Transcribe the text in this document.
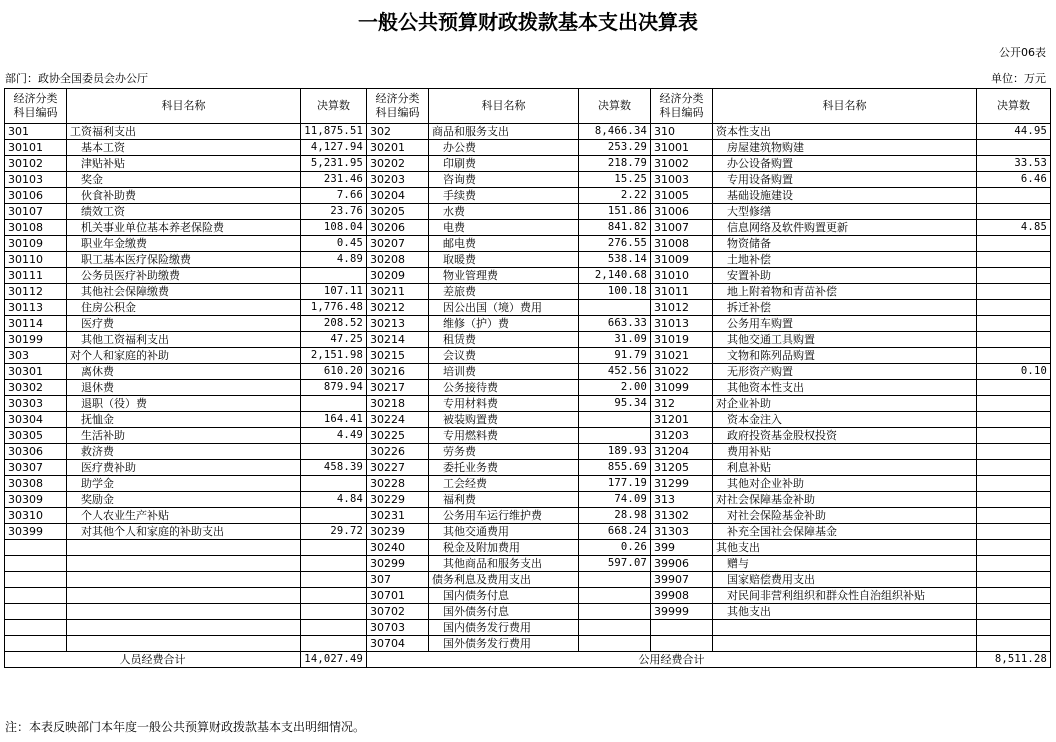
一般公共预算财政拨款基本支出决算表
公开06表
部门：政协全国委员会办公厅	单位：万元
经济分类
科目编码	科目名称	决算数	经济分类
科目编码	科目名称	决算数	经济分类
科目编码	科目名称	决算数
301	工资福利支出	11,875.51	302	商品和服务支出	8,466.34	310	资本性支出	44.95
30101	基本工资	4,127.94	30201	办公费	253.29	31001	房屋建筑物购建	
30102	津贴补贴	5,231.95	30202	印刷费	218.79	31002	办公设备购置	33.53
30103	奖金	231.46	30203	咨询费	15.25	31003	专用设备购置	6.46
30106	伙食补助费	7.66	30204	手续费	2.22	31005	基础设施建设	
30107	绩效工资	23.76	30205	水费	151.86	31006	大型修缮	
30108	机关事业单位基本养老保险费	108.04	30206	电费	841.82	31007	信息网络及软件购置更新	4.85
30109	职业年金缴费	0.45	30207	邮电费	276.55	31008	物资储备	
30110	职工基本医疗保险缴费	4.89	30208	取暖费	538.14	31009	土地补偿	
30111	公务员医疗补助缴费		30209	物业管理费	2,140.68	31010	安置补助	
30112	其他社会保障缴费	107.11	30211	差旅费	100.18	31011	地上附着物和青苗补偿	
30113	住房公积金	1,776.48	30212	因公出国（境）费用		31012	拆迁补偿	
30114	医疗费	208.52	30213	维修（护）费	663.33	31013	公务用车购置	
30199	其他工资福利支出	47.25	30214	租赁费	31.09	31019	其他交通工具购置	
303	对个人和家庭的补助	2,151.98	30215	会议费	91.79	31021	文物和陈列品购置	
30301	离休费	610.20	30216	培训费	452.56	31022	无形资产购置	0.10
30302	退休费	879.94	30217	公务接待费	2.00	31099	其他资本性支出	
30303	退职（役）费		30218	专用材料费	95.34	312	对企业补助	
30304	抚恤金	164.41	30224	被装购置费		31201	资本金注入	
30305	生活补助	4.49	30225	专用燃料费		31203	政府投资基金股权投资	
30306	救济费		30226	劳务费	189.93	31204	费用补贴	
30307	医疗费补助	458.39	30227	委托业务费	855.69	31205	利息补贴	
30308	助学金		30228	工会经费	177.19	31299	其他对企业补助	
30309	奖励金	4.84	30229	福利费	74.09	313	对社会保障基金补助	
30310	个人农业生产补贴		30231	公务用车运行维护费	28.98	31302	对社会保险基金补助	
30399	对其他个人和家庭的补助支出	29.72	30239	其他交通费用	668.24	31303	补充全国社会保障基金	
			30240	税金及附加费用	0.26	399	其他支出	
			30299	其他商品和服务支出	597.07	39906	赠与	
			307	债务利息及费用支出		39907	国家赔偿费用支出	
			30701	国内债务付息		39908	对民间非营利组织和群众性自治组织补贴	
			30702	国外债务付息		39999	其他支出	
			30703	国内债务发行费用				
			30704	国外债务发行费用				
人员经费合计		14,027.49	公用经费合计					8,511.28
注：本表反映部门本年度一般公共预算财政拨款基本支出明细情况。
